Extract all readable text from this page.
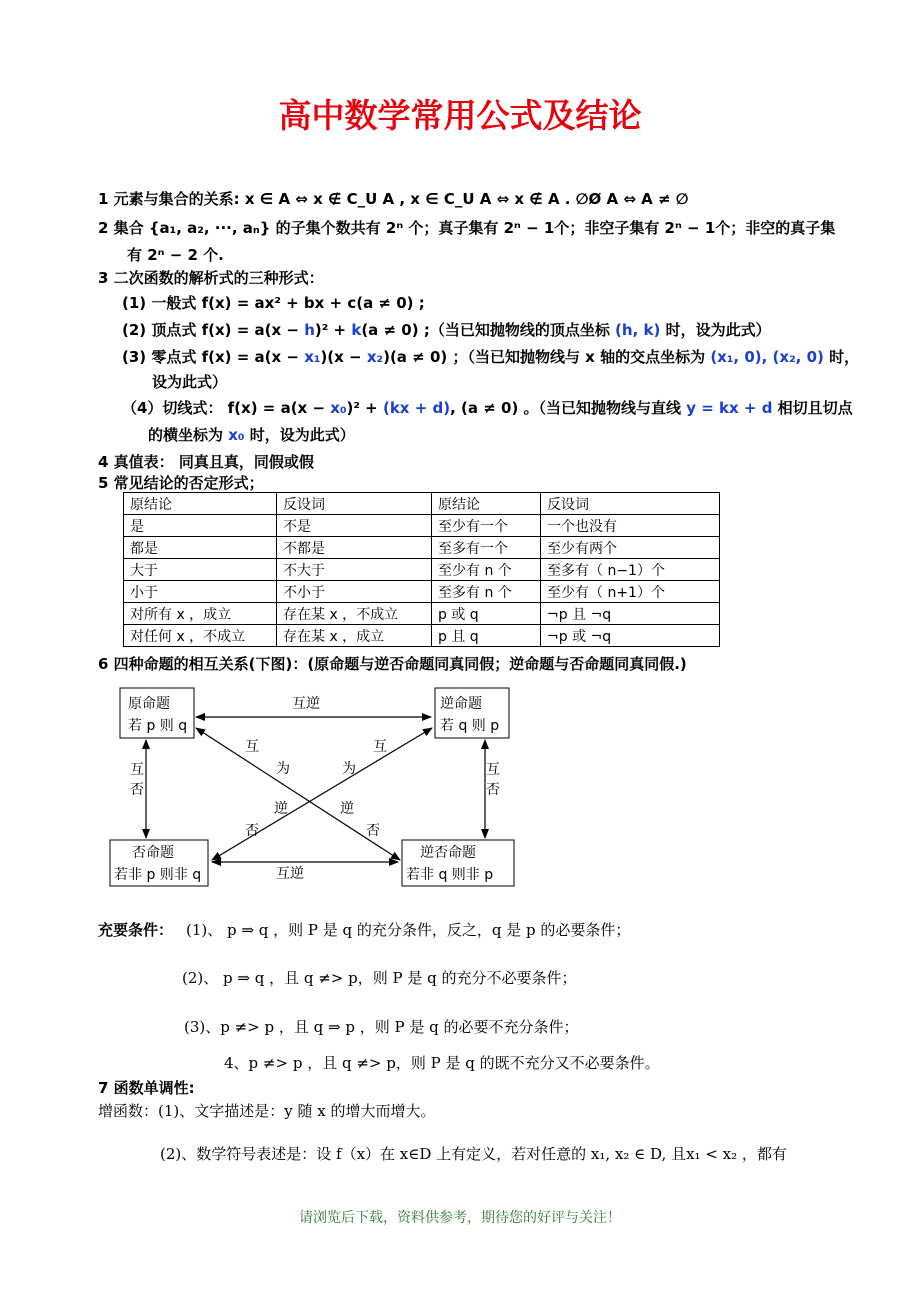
高中数学常用公式及结论
1 元素与集合的关系: x ∈ A ⇔ x ∉ C_U A , x ∈ C_U A ⇔ x ∉ A . ∅Ø A ⇔ A ≠ ∅
2 集合 {a₁, a₂, ···, aₙ} 的子集个数共有 2ⁿ 个；真子集有 2ⁿ − 1个；非空子集有 2ⁿ − 1个；非空的真子集
有 2ⁿ − 2 个.
3 二次函数的解析式的三种形式：
(1) 一般式 f(x) = ax² + bx + c(a ≠ 0) ;
(2) 顶点式 f(x) = a(x − h)² + k(a ≠ 0) ;（当已知抛物线的顶点坐标 (h, k) 时，设为此式）
(3) 零点式 f(x) = a(x − x₁)(x − x₂)(a ≠ 0) ；（当已知抛物线与 x 轴的交点坐标为 (x₁, 0), (x₂, 0) 时，
设为此式）
（4）切线式： f(x) = a(x − x₀)² + (kx + d), (a ≠ 0) 。（当已知抛物线与直线 y = kx + d 相切且切点
的横坐标为 x₀ 时，设为此式）
4 真值表： 同真且真，同假或假
5 常见结论的否定形式；
原结论	反设词	原结论	反设词
是	不是	至少有一个	一个也没有
都是	不都是	至多有一个	至少有两个
大于	不大于	至少有 n 个	至多有（ n−1）个
小于	不小于	至多有 n 个	至少有（ n+1）个
对所有 x ，成立	存在某 x ，不成立	p 或 q	¬p 且 ¬q
对任何 x ，不成立	存在某 x ，成立	p 且 q	¬p 或 ¬q
6 四种命题的相互关系(下图)：(原命题与逆否命题同真同假；逆命题与否命题同真同假.)
原命题
若 p 则 q
逆命题
若 q 则 p
否命题
若非 p 则非 q
逆否命题
若非 q 则非 p
互逆
互逆
互
否
互
否
互
为
逆
否
互
为
逆
否
充要条件： (1)、 p ⇒ q ，则 P 是 q 的充分条件，反之，q 是 p 的必要条件；
(2)、 p ⇒ q ，且 q ≠> p，则 P 是 q 的充分不必要条件；
(3)、p ≠> p ，且 q ⇒ p ，则 P 是 q 的必要不充分条件；
4、p ≠> p ，且 q ≠> p，则 P 是 q 的既不充分又不必要条件。
7 函数单调性:
增函数：(1)、文字描述是：y 随 x 的增大而增大。
(2)、数学符号表述是：设 f（x）在 x∈D 上有定义，若对任意的 x₁, x₂ ∈ D, 且x₁ < x₂ ，都有
请浏览后下载，资料供参考，期待您的好评与关注！
